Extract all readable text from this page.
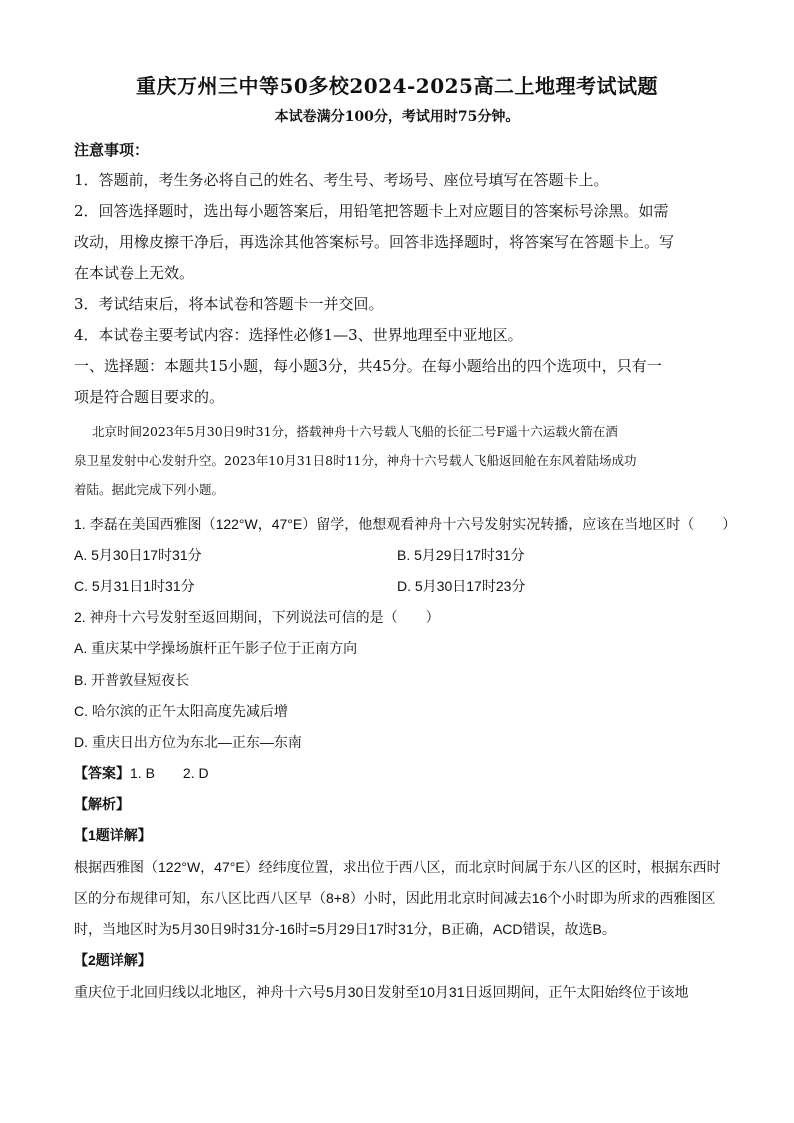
重庆万州三中等50多校2024-2025高二上地理考试试题
本试卷满分100分，考试用时75分钟。
注意事项：
1．答题前，考生务必将自己的姓名、考生号、考场号、座位号填写在答题卡上。
2．回答选择题时，选出每小题答案后，用铅笔把答题卡上对应题目的答案标号涂黑。如需
改动，用橡皮擦干净后，再选涂其他答案标号。回答非选择题时，将答案写在答题卡上。写
在本试卷上无效。
3．考试结束后，将本试卷和答题卡一并交回。
4．本试卷主要考试内容：选择性必修1—3、世界地理至中亚地区。
一、选择题：本题共15小题，每小题3分，共45分。在每小题给出的四个选项中，只有一
项是符合题目要求的。
北京时间2023年5月30日9时31分，搭载神舟十六号载人飞船的长征二号F遥十六运载火箭在酒
泉卫星发射中心发射升空。2023年10月31日8时11分，神舟十六号载人飞船返回舱在东风着陆场成功
着陆。据此完成下列小题。
1. 李磊在美国西雅图（122°W，47°E）留学，他想观看神舟十六号发射实况转播，应该在当地区时（　　）
A. 5月30日17时31分	B. 5月29日17时31分
C. 5月31日1时31分	D. 5月30日17时23分
2. 神舟十六号发射至返回期间，下列说法可信的是（　　）
A. 重庆某中学操场旗杆正午影子位于正南方向
B. 开普敦昼短夜长
C. 哈尔滨的正午太阳高度先减后增
D. 重庆日出方位为东北—正东—东南
【答案】1. B　　2. D
【解析】
【1题详解】
根据西雅图（122°W，47°E）经纬度位置，求出位于西八区，而北京时间属于东八区的区时，根据东西时
区的分布规律可知，东八区比西八区早（8+8）小时，因此用北京时间减去16个小时即为所求的西雅图区
时，当地区时为5月30日9时31分-16时=5月29日17时31分，B正确，ACD错误，故选B。
【2题详解】
重庆位于北回归线以北地区，神舟十六号5月30日发射至10月31日返回期间，正午太阳始终位于该地
